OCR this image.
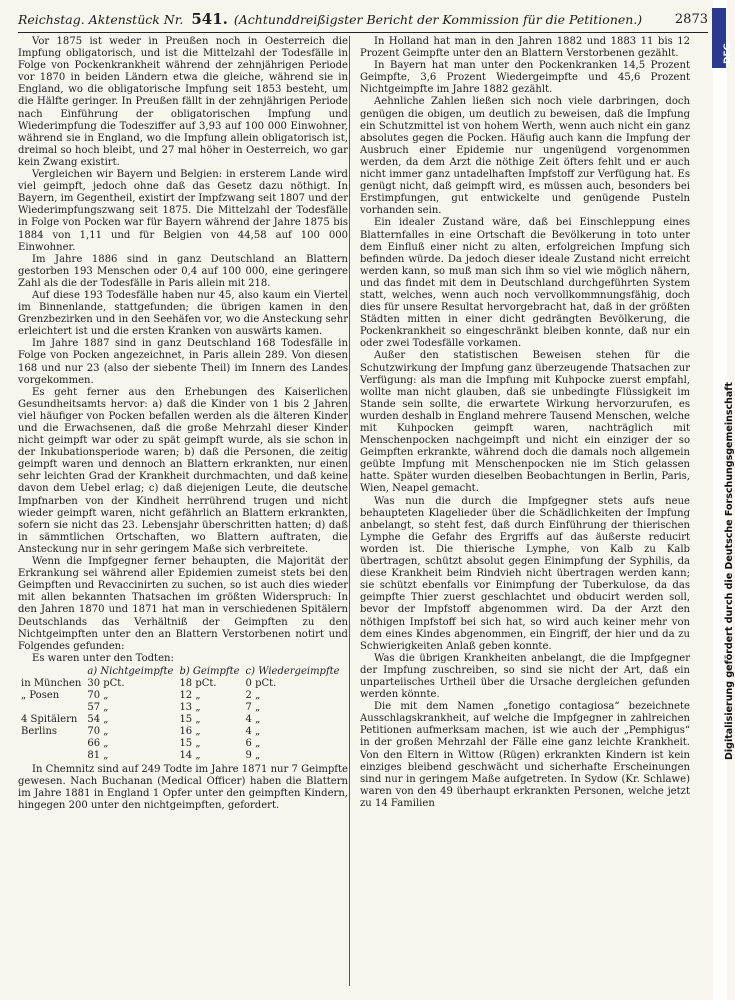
Reichstag. Aktenstück Nr. 541. (Achtunddreißigster Bericht der Kommission für die Petitionen.)	2873

Vor 1875 ist weder in Preußen noch in Oesterreich die Impfung obligatorisch, und ist die Mittelzahl der Todesfälle in Folge von Pockenkrankheit während der zehnjährigen Periode vor 1870 in beiden Ländern etwa die gleiche, während sie in England, wo die obligatorische Impfung seit 1853 besteht, um die Hälfte geringer. In Preußen fällt in der zehnjährigen Periode nach Einführung der obligatorischen Impfung und Wiederimpfung die Todesziffer auf 3,93 auf 100 000 Einwohner, während sie in England, wo die Impfung allein obligatorisch ist, dreimal so hoch bleibt, und 27 mal höher in Oesterreich, wo gar kein Zwang existirt.

Vergleichen wir Bayern und Belgien: in ersterem Lande wird viel geimpft, jedoch ohne daß das Gesetz dazu nöthigt. In Bayern, im Gegentheil, existirt der Impfzwang seit 1807 und der Wiederimpfungszwang seit 1875. Die Mittelzahl der Todesfälle in Folge von Pocken war für Bayern während der Jahre 1875 bis 1884 von 1,11 und für Belgien von 44,58 auf 100 000 Einwohner.

Im Jahre 1886 sind in ganz Deutschland an Blattern gestorben 193 Menschen oder 0,4 auf 100 000, eine geringere Zahl als die der Todesfälle in Paris allein mit 218.

Auf diese 193 Todesfälle haben nur 45, also kaum ein Viertel im Binnenlande, stattgefunden; die übrigen kamen in den Grenzbezirken und in den Seehäfen vor, wo die Ansteckung sehr erleichtert ist und die ersten Kranken von auswärts kamen.

Im Jahre 1887 sind in ganz Deutschland 168 Todesfälle in Folge von Pocken angezeichnet, in Paris allein 289. Von diesen 168 und nur 23 (also der siebente Theil) im Innern des Landes vorgekommen.

Es geht ferner aus den Erhebungen des Kaiserlichen Gesundheitsamts hervor: a) daß die Kinder von 1 bis 2 Jahren viel häufiger von Pocken befallen werden als die älteren Kinder und die Erwachsenen, daß die große Mehrzahl dieser Kinder nicht geimpft war oder zu spät geimpft wurde, als sie schon in der Inkubationsperiode waren; b) daß die Personen, die zeitig geimpft waren und dennoch an Blattern erkrankten, nur einen sehr leichten Grad der Krankheit durchmachten, und daß keine davon dem Uebel erlag; c) daß diejenigen Leute, die deutsche Impfnarben von der Kindheit herrührend trugen und nicht wieder geimpft waren, nicht gefährlich an Blattern erkrankten, sofern sie nicht das 23. Lebensjahr überschritten hatten; d) daß in sämmtlichen Ortschaften, wo Blattern auftraten, die Ansteckung nur in sehr geringem Maße sich verbreitete.

Wenn die Impfgegner ferner behaupten, die Majorität der Erkrankung sei während aller Epidemien zumeist stets bei den Geimpften und Revaccinirten zu suchen, so ist auch dies wieder mit allen bekannten Thatsachen im größten Widerspruch: In den Jahren 1870 und 1871 hat man in verschiedenen Spitälern Deutschlands das Verhältniß der Geimpften zu den Nichtgeimpften unter den an Blattern Verstorbenen notirt und Folgendes gefunden:

Es waren unter den Todten:

	a) Nichtgeimpfte	b) Geimpfte	c) Wiedergeimpfte
in München	30 pCt.	18 pCt.	0 pCt.
„ Posen	70 „	12 „	2 „
	57 „	13 „	7 „
4 Spitälern	54 „	15 „	4 „
Berlins	70 „	16 „	4 „
	66 „	15 „	6 „
	81 „	14 „	9 „

In Chemnitz sind auf 249 Todte im Jahre 1871 nur 7 Geimpfte gewesen. Nach Buchanan (Medical Officer) haben die Blattern im Jahre 1881 in England 1 Opfer unter den geimpften Kindern, hingegen 200 unter den nichtgeimpften, gefordert.

In Holland hat man in den Jahren 1882 und 1883 11 bis 12 Prozent Geimpfte unter den an Blattern Verstorbenen gezählt.

In Bayern hat man unter den Pockenkranken 14,5 Prozent Geimpfte, 3,6 Prozent Wiedergeimpfte und 45,6 Prozent Nichtgeimpfte im Jahre 1882 gezählt.

Aehnliche Zahlen ließen sich noch viele darbringen, doch genügen die obigen, um deutlich zu beweisen, daß die Impfung ein Schutzmittel ist von hohem Werth, wenn auch nicht ein ganz absolutes gegen die Pocken. Häufig auch kann die Impfung der Ausbruch einer Epidemie nur ungenügend vorgenommen werden, da dem Arzt die nöthige Zeit öfters fehlt und er auch nicht immer ganz untadelhaften Impfstoff zur Verfügung hat. Es genügt nicht, daß geimpft wird, es müssen auch, besonders bei Erstimpfungen, gut entwickelte und genügende Pusteln vorhanden sein.

Ein idealer Zustand wäre, daß bei Einschleppung eines Blatternfalles in eine Ortschaft die Bevölkerung in toto unter dem Einfluß einer nicht zu alten, erfolgreichen Impfung sich befinden würde. Da jedoch dieser ideale Zustand nicht erreicht werden kann, so muß man sich ihm so viel wie möglich nähern, und das findet mit dem in Deutschland durchgeführten System statt, welches, wenn auch noch vervollkommnungsfähig, doch dies für unsere Resultat hervorgebracht hat, daß in der größten Städten mitten in einer dicht gedrängten Bevölkerung, die Pockenkrankheit so eingeschränkt bleiben konnte, daß nur ein oder zwei Todesfälle vorkamen.

Außer den statistischen Beweisen stehen für die Schutzwirkung der Impfung ganz überzeugende Thatsachen zur Verfügung: als man die Impfung mit Kuhpocke zuerst empfahl, wollte man nicht glauben, daß sie unbedingte Flüssigkeit im Stande sein sollte, die erwartete Wirkung hervorzurufen, es wurden deshalb in England mehrere Tausend Menschen, welche mit Kuhpocken geimpft waren, nachträglich mit Menschenpocken nachgeimpft und nicht ein einziger der so Geimpften erkrankte, während doch die damals noch allgemein geübte Impfung mit Menschenpocken nie im Stich gelassen hatte. Später wurden dieselben Beobachtungen in Berlin, Paris, Wien, Neapel gemacht.

Was nun die durch die Impfgegner stets aufs neue behaupteten Klagelieder über die Schädlichkeiten der Impfung anbelangt, so steht fest, daß durch Einführung der thierischen Lymphe die Gefahr des Ergriffs auf das äußerste reducirt worden ist. Die thierische Lymphe, von Kalb zu Kalb übertragen, schützt absolut gegen Einimpfung der Syphilis, da diese Krankheit beim Rindvieh nicht übertragen werden kann; sie schützt ebenfalls vor Einimpfung der Tuberkulose, da das geimpfte Thier zuerst geschlachtet und obducirt werden soll, bevor der Impfstoff abgenommen wird. Da der Arzt den nöthigen Impfstoff bei sich hat, so wird auch keiner mehr von dem eines Kindes abgenommen, ein Eingriff, der hier und da zu Schwierigkeiten Anlaß geben konnte.

Was die übrigen Krankheiten anbelangt, die die Impfgegner der Impfung zuschreiben, so sind sie nicht der Art, daß ein unparteiisches Urtheil über die Ursache dergleichen gefunden werden könnte.

Die mit dem Namen „fonetigo contagiosa“ bezeichnete Ausschlagskrankheit, auf welche die Impfgegner in zahlreichen Petitionen aufmerksam machen, ist wie auch der „Pemphigus“ in der großen Mehrzahl der Fälle eine ganz leichte Krankheit. Von den Eltern in Wittow (Rügen) erkrankten Kindern ist kein einziges bleibend geschwächt und sicherhafte Erscheinungen sind nur in geringem Maße aufgetreten. In Sydow (Kr. Schlawe) waren von den 49 überhaupt erkrankten Personen, welche jetzt zu 14 Familien

DFG
Digitalisierung gefördert durch die Deutsche Forschungsgemeinschaft
